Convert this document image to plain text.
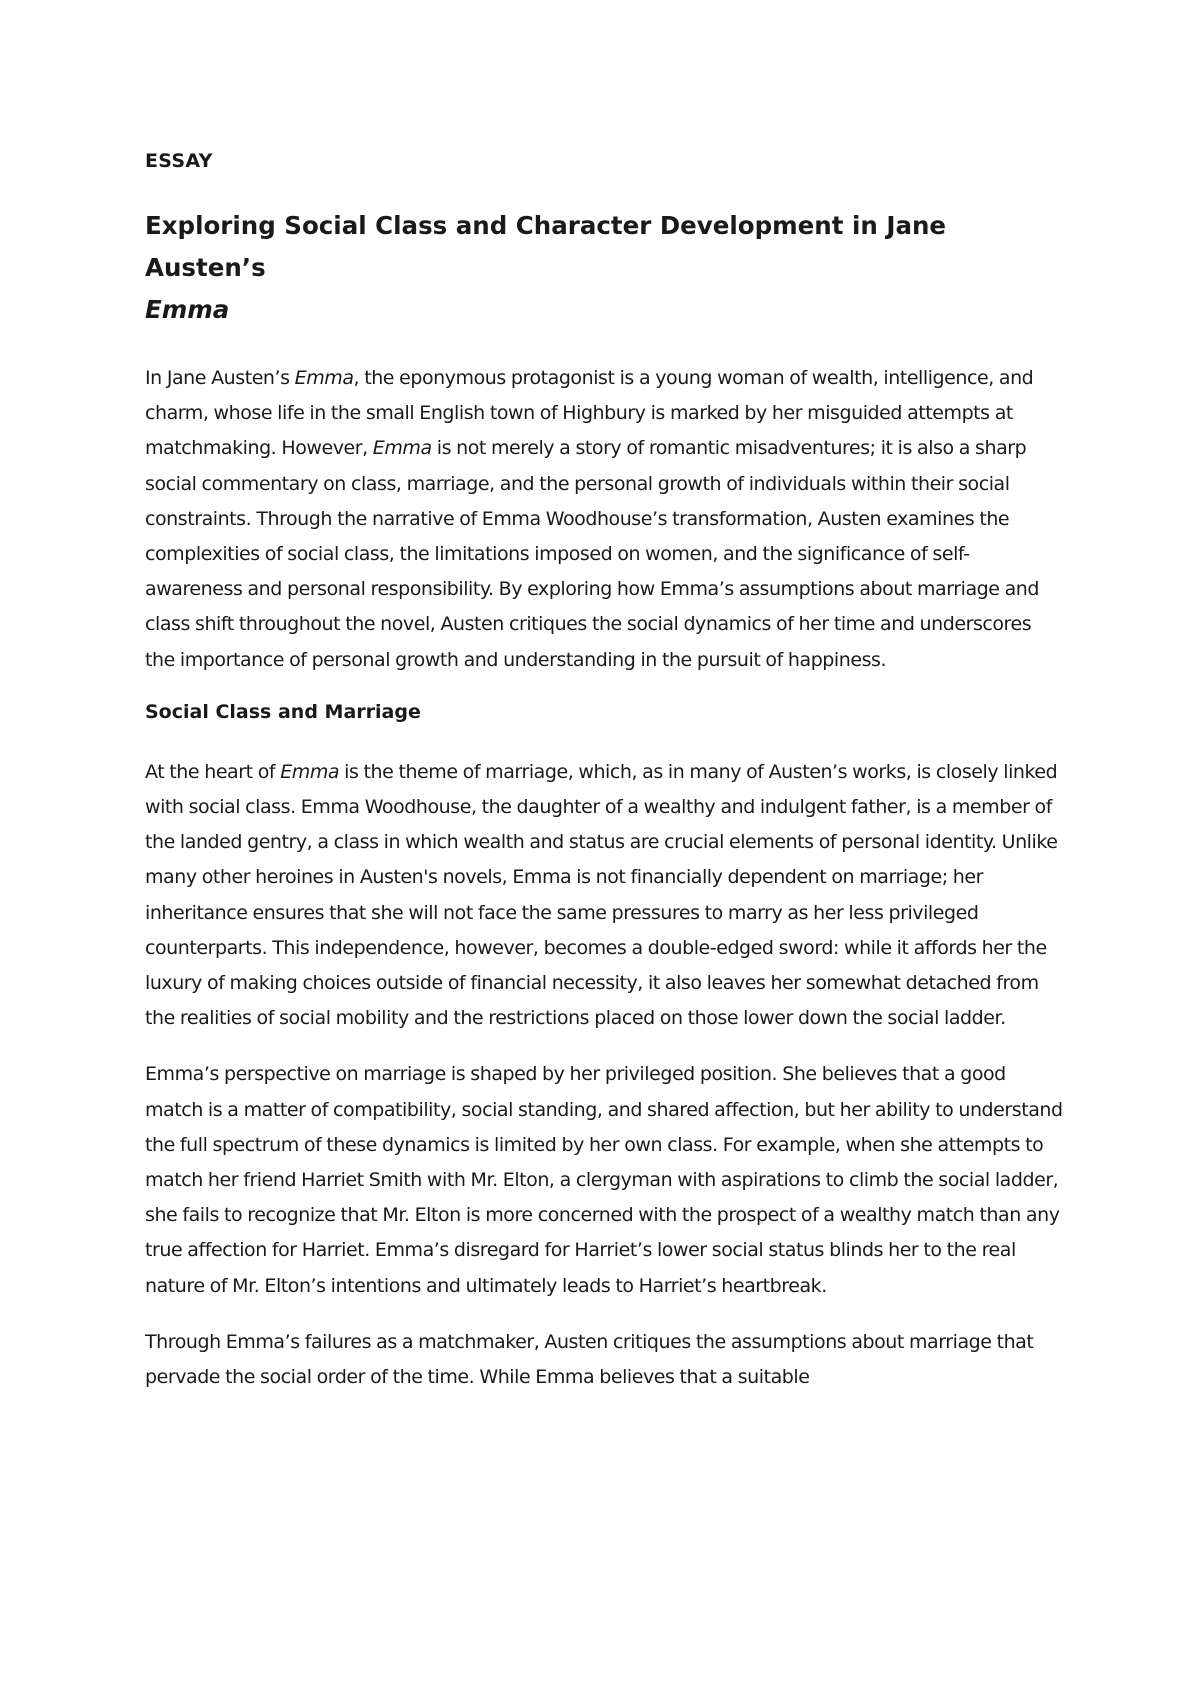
ESSAY
Exploring Social Class and Character Development in Jane Austen’s
Emma

In Jane Austen’s Emma, the eponymous protagonist is a young woman of wealth, intelligence, and charm, whose life in the small English town of Highbury is marked by her misguided attempts at matchmaking. However, Emma is not merely a story of romantic misadventures; it is also a sharp social commentary on class, marriage, and the personal growth of individuals within their social constraints. Through the narrative of Emma Woodhouse’s transformation, Austen examines the complexities of social class, the limitations imposed on women, and the significance of self-awareness and personal responsibility. By exploring how Emma’s assumptions about marriage and class shift throughout the novel, Austen critiques the social dynamics of her time and underscores the importance of personal growth and understanding in the pursuit of happiness.

Social Class and Marriage

At the heart of Emma is the theme of marriage, which, as in many of Austen’s works, is closely linked with social class. Emma Woodhouse, the daughter of a wealthy and indulgent father, is a member of the landed gentry, a class in which wealth and status are crucial elements of personal identity. Unlike many other heroines in Austen's novels, Emma is not financially dependent on marriage; her inheritance ensures that she will not face the same pressures to marry as her less privileged counterparts. This independence, however, becomes a double-edged sword: while it affords her the luxury of making choices outside of financial necessity, it also leaves her somewhat detached from the realities of social mobility and the restrictions placed on those lower down the social ladder.

Emma’s perspective on marriage is shaped by her privileged position. She believes that a good match is a matter of compatibility, social standing, and shared affection, but her ability to understand the full spectrum of these dynamics is limited by her own class. For example, when she attempts to match her friend Harriet Smith with Mr. Elton, a clergyman with aspirations to climb the social ladder, she fails to recognize that Mr. Elton is more concerned with the prospect of a wealthy match than any true affection for Harriet. Emma’s disregard for Harriet’s lower social status blinds her to the real nature of Mr. Elton’s intentions and ultimately leads to Harriet’s heartbreak.

Through Emma’s failures as a matchmaker, Austen critiques the assumptions about marriage that pervade the social order of the time. While Emma believes that a suitable
